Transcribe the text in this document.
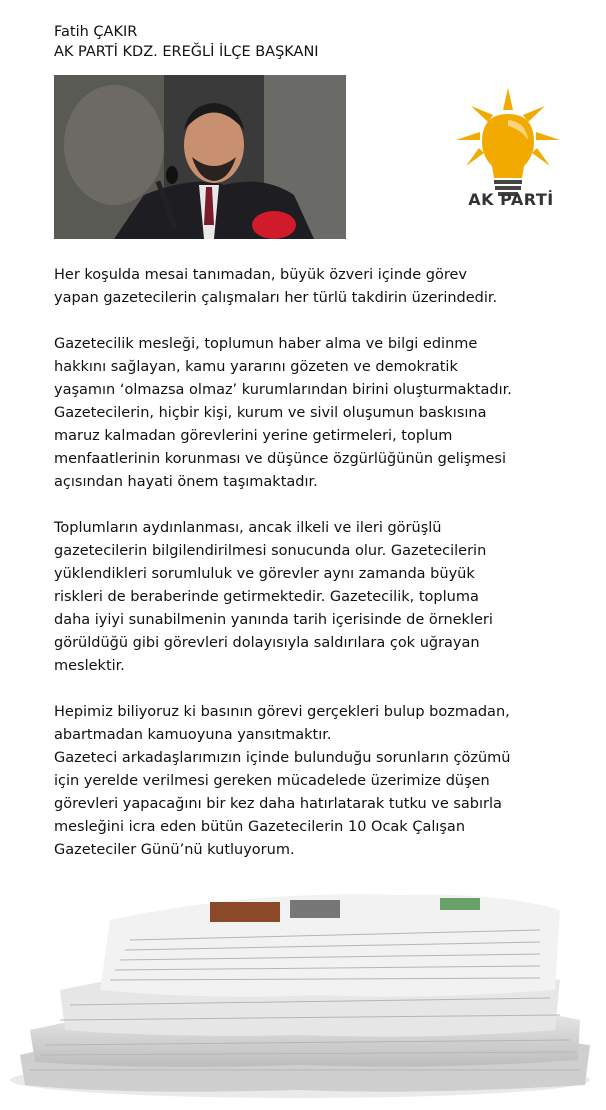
Fatih ÇAKIR
AK PARTİ KDZ. EREĞLİ İLÇE BAŞKANI
AK PARTİ

Her koşulda mesai tanımadan, büyük özveri içinde görev
yapan gazetecilerin çalışmaları her türlü takdirin üzerindedir.

Gazetecilik mesleği, toplumun haber alma ve bilgi edinme
hakkını sağlayan, kamu yararını gözeten ve demokratik
yaşamın ‘olmazsa olmaz’ kurumlarından birini oluşturmaktadır.
Gazetecilerin, hiçbir kişi, kurum ve sivil oluşumun baskısına
maruz kalmadan görevlerini yerine getirmeleri, toplum
menfaatlerinin korunması ve düşünce özgürlüğünün gelişmesi
açısından hayati önem taşımaktadır.

Toplumların aydınlanması, ancak ilkeli ve ileri görüşlü
gazetecilerin bilgilendirilmesi sonucunda olur. Gazetecilerin
yüklendikleri sorumluluk ve görevler aynı zamanda büyük
riskleri de beraberinde getirmektedir. Gazetecilik, topluma
daha iyiyi sunabilmenin yanında tarih içerisinde de örnekleri
görüldüğü gibi görevleri dolayısıyla saldırılara çok uğrayan
meslektir.

Hepimiz biliyoruz ki basının görevi gerçekleri bulup bozmadan,
abartmadan kamuoyuna yansıtmaktır.
Gazeteci arkadaşlarımızın içinde bulunduğu sorunların çözümü
için yerelde verilmesi gereken mücadelede üzerimize düşen
görevleri yapacağını bir kez daha hatırlatarak tutku ve sabırla
mesleğini icra eden bütün Gazetecilerin 10 Ocak Çalışan
Gazeteciler Günü’nü kutluyorum.
